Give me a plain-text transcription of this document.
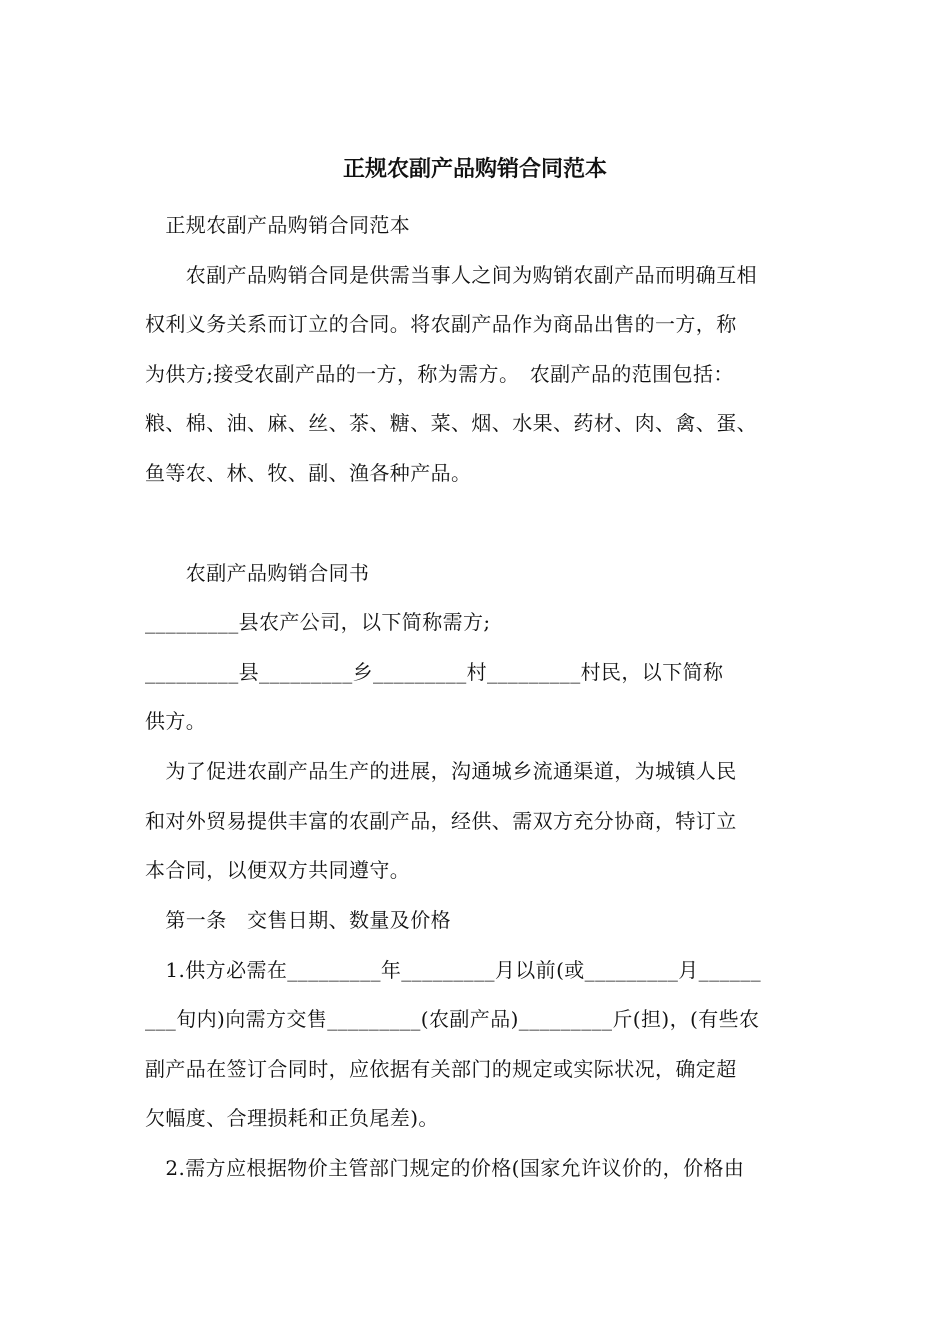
正规农副产品购销合同范本
　正规农副产品购销合同范本
　　农副产品购销合同是供需当事人之间为购销农副产品而明确互相
权利义务关系而订立的合同。将农副产品作为商品出售的一方，称
为供方;接受农副产品的一方，称为需方。　农副产品的范围包括：
粮、棉、油、麻、丝、茶、糖、菜、烟、水果、药材、肉、禽、蛋、
鱼等农、林、牧、副、渔各种产品。
　　农副产品购销合同书
_________县农产公司，以下简称需方;
_________县_________乡_________村_________村民，以下简称
供方。
　为了促进农副产品生产的进展，沟通城乡流通渠道，为城镇人民
和对外贸易提供丰富的农副产品，经供、需双方充分协商，特订立
本合同，以便双方共同遵守。
　第一条　交售日期、数量及价格
　1.供方必需在_________年_________月以前(或_________月______
___旬内)向需方交售_________(农副产品)_________斤(担)，(有些农
副产品在签订合同时，应依据有关部门的规定或实际状况，确定超
欠幅度、合理损耗和正负尾差)。
　2.需方应根据物价主管部门规定的价格(国家允许议价的，价格由
